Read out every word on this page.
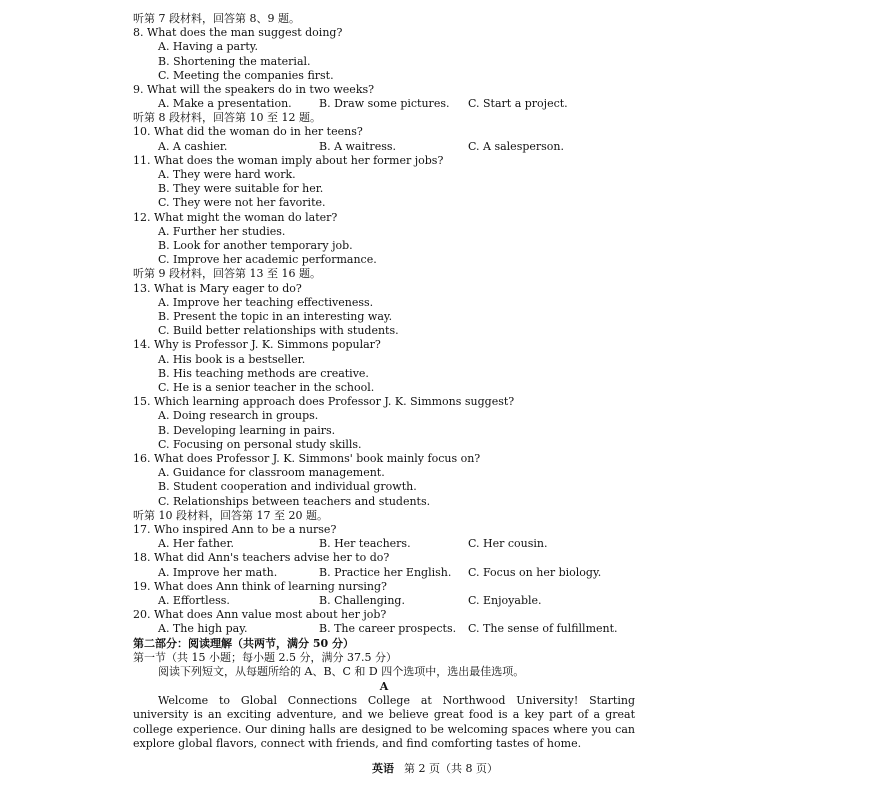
听第 7 段材料，回答第 8、9 题。
8. What does the man suggest doing?
A. Having a party.
B. Shortening the material.
C. Meeting the companies first.
9. What will the speakers do in two weeks?
A. Make a presentation. B. Draw some pictures. C. Start a project.
听第 8 段材料，回答第 10 至 12 题。
10. What did the woman do in her teens?
A. A cashier.	B. A waitress.	C. A salesperson.
11. What does the woman imply about her former jobs?
A. They were hard work.
B. They were suitable for her.
C. They were not her favorite.
12. What might the woman do later?
A. Further her studies.
B. Look for another temporary job.
C. Improve her academic performance.
听第 9 段材料，回答第 13 至 16 题。
13. What is Mary eager to do?
A. Improve her teaching effectiveness.
B. Present the topic in an interesting way.
C. Build better relationships with students.
14. Why is Professor J. K. Simmons popular?
A. His book is a bestseller.
B. His teaching methods are creative.
C. He is a senior teacher in the school.
15. Which learning approach does Professor J. K. Simmons suggest?
A. Doing research in groups.
B. Developing learning in pairs.
C. Focusing on personal study skills.
16. What does Professor J. K. Simmons' book mainly focus on?
A. Guidance for classroom management.
B. Student cooperation and individual growth.
C. Relationships between teachers and students.
听第 10 段材料，回答第 17 至 20 题。
17. Who inspired Ann to be a nurse?
A. Her father.	B. Her teachers.	C. Her cousin.
18. What did Ann's teachers advise her to do?
A. Improve her math.	B. Practice her English. C. Focus on her biology.
19. What does Ann think of learning nursing?
A. Effortless.	B. Challenging.	C. Enjoyable.
20. What does Ann value most about her job?
A. The high pay.	B. The career prospects. C. The sense of fulfillment.
第二部分：阅读理解（共两节，满分 50 分）
第一节（共 15 小题；每小题 2.5 分，满分 37.5 分）
阅读下列短文，从每题所给的 A、B、C 和 D 四个选项中，选出最佳选项。
A
Welcome to Global Connections College at Northwood University! Starting university is an exciting adventure, and we believe great food is a key part of a great college experience. Our dining halls are designed to be welcoming spaces where you can explore global flavors, connect with friends, and find comforting tastes of home.
英语 第 2 页（共 8 页）
